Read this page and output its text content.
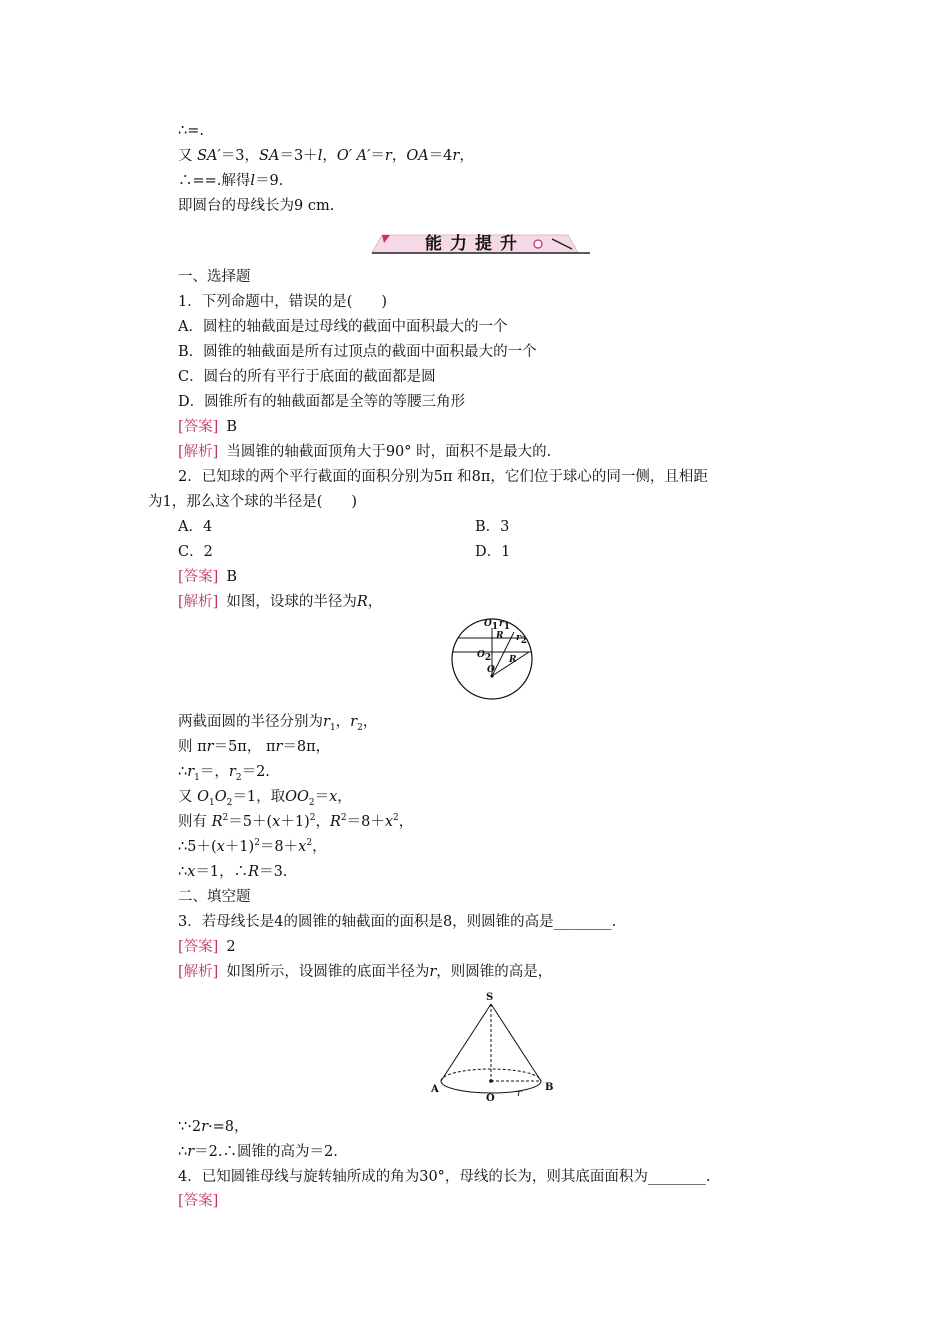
∴=.
又 SA′＝3，SA＝3＋l，O′ A′＝r，OA＝4r，
∴==.解得l＝9.
即圆台的母线长为9 cm.
能力提升
一、选择题
1．下列命题中，错误的是(　　)
A．圆柱的轴截面是过母线的截面中面积最大的一个
B．圆锥的轴截面是所有过顶点的截面中面积最大的一个
C．圆台的所有平行于底面的截面都是圆
D．圆锥所有的轴截面都是全等的等腰三角形
[答案] B
[解析] 当圆锥的轴截面顶角大于90° 时，面积不是最大的.
2．已知球的两个平行截面的面积分别为5π 和8π，它们位于球心的同一侧，且相距
为1，那么这个球的半径是(　　)
A．4	B．3
C．2	D．1
[答案] B
[解析] 如图，设球的半径为R，
$O_1$ $r_1$
$r_2$
R
$O_2$ R
O
两截面圆的半径分别为$r_1$，$r_2$，
则 πr＝5π， πr＝8π，
$\therefore r_1=$，$r_2=2$.
又 $O_1O_2=1$，取$OO_2=x$，
则有 $R^2=5+(x+1)^2$，$R^2=8+x^2$，
$\therefore 5+(x+1)^2=8+x^2$，
∴x＝1，∴R＝3.
二、填空题
3．若母线长是4的圆锥的轴截面的面积是8，则圆锥的高是________.
[答案] 2
[解析] 如图所示，设圆锥的底面半径为r，则圆锥的高是，
S
A
O r
B
∵·2r·=8，
∴r＝2.∴圆锥的高为＝2.
4．已知圆锥母线与旋转轴所成的角为30°，母线的长为，则其底面面积为________.
[答案]
